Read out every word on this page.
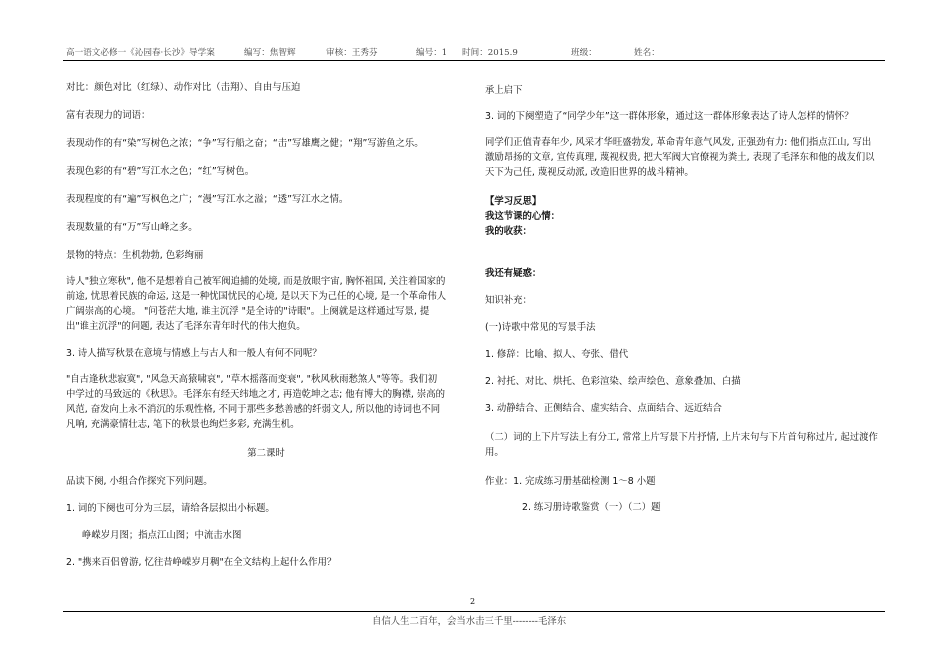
高一语文必修一《沁园春·长沙》导学案	编写：焦智辉	审核：王秀芬	编号：1 时间：2015.9	班级：	姓名：
对比：颜色对比（红绿）、动作对比（击翔）、自由与压迫
富有表现力的词语：
表现动作的有“染”写树色之浓；“争”写行船之奋；“击”写雄鹰之健；“翔”写游鱼之乐。
表现色彩的有“碧”写江水之色；“红”写树色。
表现程度的有“遍”写枫色之广；“漫”写江水之溢；“透”写江水之情。
表现数量的有“万”写山峰之多。
景物的特点：生机勃勃, 色彩绚丽
诗人"独立寒秋", 他不是想着自己被军阀追捕的处境, 而是放眼宇宙, 胸怀祖国, 关注着国家的
前途, 忧思着民族的命运, 这是一种忧国忧民的心境, 是以天下为己任的心境, 是一个革命伟人
广阔崇高的心境。 "问苍茫大地, 谁主沉浮 "是全诗的"诗眼"。上阕就是这样通过写景, 提
出"谁主沉浮"的问题, 表达了毛泽东青年时代的伟大抱负。
3. 诗人描写秋景在意境与情感上与古人和一般人有何不同呢？
"自古逢秋悲寂寞", "风急天高猿啸哀", "草木摇落而变衰", "秋风秋雨愁煞人"等等。我们初
中学过的马致远的《秋思》。毛泽东有经天纬地之才, 再造乾坤之志; 他有博大的胸襟, 崇高的
风范, 奋发向上永不消沉的乐观性格, 不同于那些多愁善感的纤弱文人, 所以他的诗词也不同
凡响, 充满豪情壮志, 笔下的秋景也绚烂多彩, 充满生机。
第二课时
品读下阕, 小组合作探究下列问题。
1. 词的下阕也可分为三层，请给各层拟出小标题。
峥嵘岁月图；指点江山图；中流击水图
2. "携来百侣曾游, 忆往昔峥嵘岁月稠"在全文结构上起什么作用？
承上启下
3. 词的下阕塑造了“同学少年”这一群体形象，通过这一群体形象表达了诗人怎样的情怀？
同学们正值青春年少, 风采才华旺盛勃发, 革命青年意气风发, 正强劲有力: 他们指点江山, 写出
激励昂扬的文章, 宣传真理, 蔑视权贵, 把大军阀大官僚视为粪土, 表现了毛泽东和他的战友们以
天下为己任, 蔑视反动派, 改造旧世界的战斗精神。
【学习反思】
我这节课的心情：
我的收获：
我还有疑惑：
知识补充：
(一)诗歌中常见的写景手法
1. 修辞：比喻、拟人、夸张、借代
2. 衬托、对比、烘托、色彩渲染、绘声绘色、意象叠加、白描
3. 动静结合、正侧结合、虚实结合、点面结合、远近结合
（二）词的上下片写法上有分工, 常常上片写景下片抒情, 上片末句与下片首句称过片, 起过渡作
用。
作业：1. 完成练习册基础检测 1～8 小题
2. 练习册诗歌鉴赏（一）（二）题
2
自信人生二百年，会当水击三千里--------毛泽东
